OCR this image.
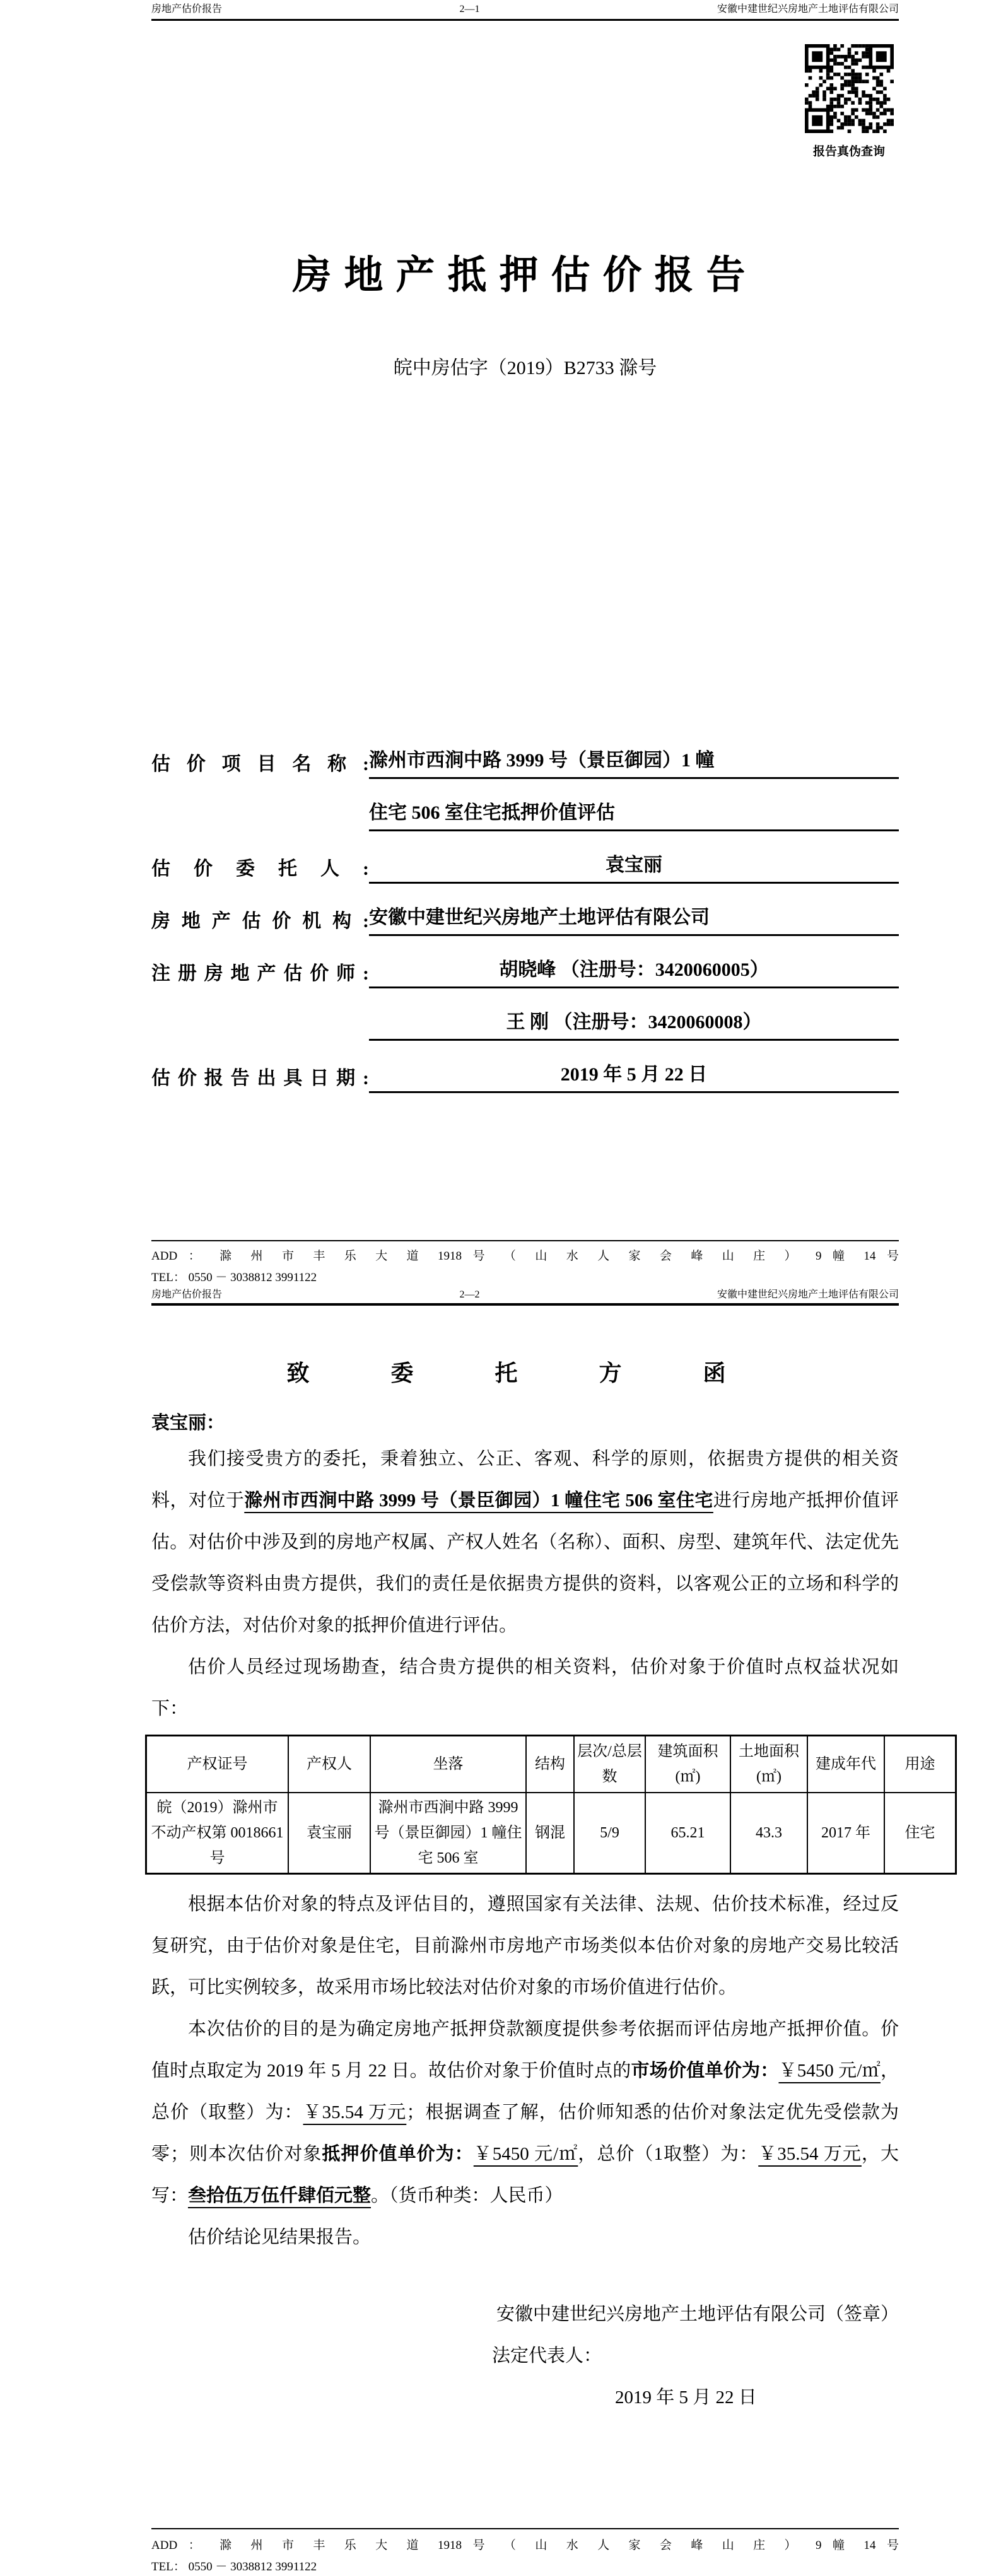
房地产估价报告	2—1	安徽中建世纪兴房地产土地评估有限公司
报告真伪查询
房地产抵押估价报告
皖中房估字（2019）B2733 滁号
估 价 项 目 名 称 : 滁州市西涧中路 3999 号（景臣御园）1 幢
住宅 506 室住宅抵押价值评估
估 价 委 托 人 :	袁宝丽
房地产估价机构: 安徽中建世纪兴房地产土地评估有限公司
注册房地产估价师:	胡晓峰 （注册号：3420060005）
王 刚 （注册号：3420060008）
估价报告出具日期:	2019 年 5 月 22 日
ADD ： 滁 州 市 丰 乐 大 道 1918 号 （ 山 水 人 家 会 峰 山 庄 ） 9 幢 14 号
TEL： 0550 － 3038812 3991122
房地产估价报告	2—2	安徽中建世纪兴房地产土地评估有限公司
致 委 托 方 函
袁宝丽：

我们接受贵方的委托，秉着独立、公正、客观、科学的原则，依据贵方提供的相关资料，对位于滁州市西涧中路 3999 号（景臣御园）1 幢住宅 506 室住宅进行房地产抵押价值评估。对估价中涉及到的房地产权属、产权人姓名（名称）、面积、房型、建筑年代、法定优先受偿款等资料由贵方提供，我们的责任是依据贵方提供的资料，以客观公正的立场和科学的估价方法，对估价对象的抵押价值进行评估。

估价人员经过现场勘查，结合贵方提供的相关资料，估价对象于价值时点权益状况如下：

产权证号	产权人	坐落	结构	层次/总层数	建筑面积(㎡)	土地面积(㎡)	建成年代	用途
皖（2019）滁州市不动产权第 0018661 号	袁宝丽	滁州市西涧中路 3999 号（景臣御园）1 幢住宅 506 室	钢混	5/9	65.21	43.3	2017 年	住宅

根据本估价对象的特点及评估目的，遵照国家有关法律、法规、估价技术标准，经过反复研究，由于估价对象是住宅，目前滁州市房地产市场类似本估价对象的房地产交易比较活跃，可比实例较多，故采用市场比较法对估价对象的市场价值进行估价。

本次估价的目的是为确定房地产抵押贷款额度提供参考依据而评估房地产抵押价值。价值时点取定为 2019 年 5 月 22 日。故估价对象于价值时点的市场价值单价为：￥5450 元/㎡，总价（取整）为：￥35.54 万元；根据调查了解，估价师知悉的估价对象法定优先受偿款为零；则本次估价对象抵押价值单价为：￥5450 元/㎡，总价（1取整）为：￥35.54 万元，大写：叁拾伍万伍仟肆佰元整。（货币种类：人民币）

估价结论见结果报告。

安徽中建世纪兴房地产土地评估有限公司（签章）
法定代表人：
2019 年 5 月 22 日
ADD ： 滁 州 市 丰 乐 大 道 1918 号 （ 山 水 人 家 会 峰 山 庄 ） 9 幢 14 号
TEL： 0550 － 3038812 3991122
